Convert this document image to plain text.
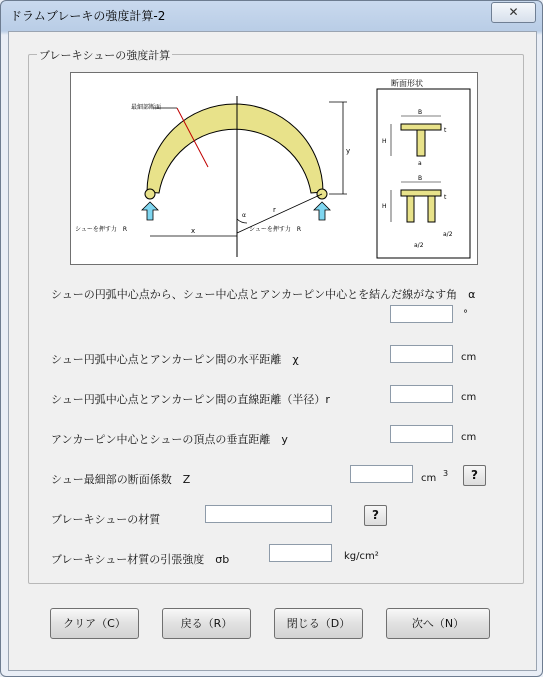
ドラムブレーキの強度計算-2	✕
ブレーキシューの強度計算
最細部断面
シューを押す力　R	シューを押す力　R
x
r
α
y
断面形状
B
H
t
a
B
H
t
a/2
a/2
シューの円弧中心点から、シュー中心点とアンカーピン中心とを結んだ線がなす角　α
°
シュー円弧中心点とアンカーピン間の水平距離　χ	cm
シュー円弧中心点とアンカーピン間の直線距離（半径）r	cm
アンカーピン中心とシューの頂点の垂直距離　y	cm
シュー最細部の断面係数　Z	cm 3	?
ブレーキシューの材質	?
ブレーキシュー材質の引張強度　σb	kg/cm²
クリア（C）	戻る（R）	閉じる（D）	次へ（N）
